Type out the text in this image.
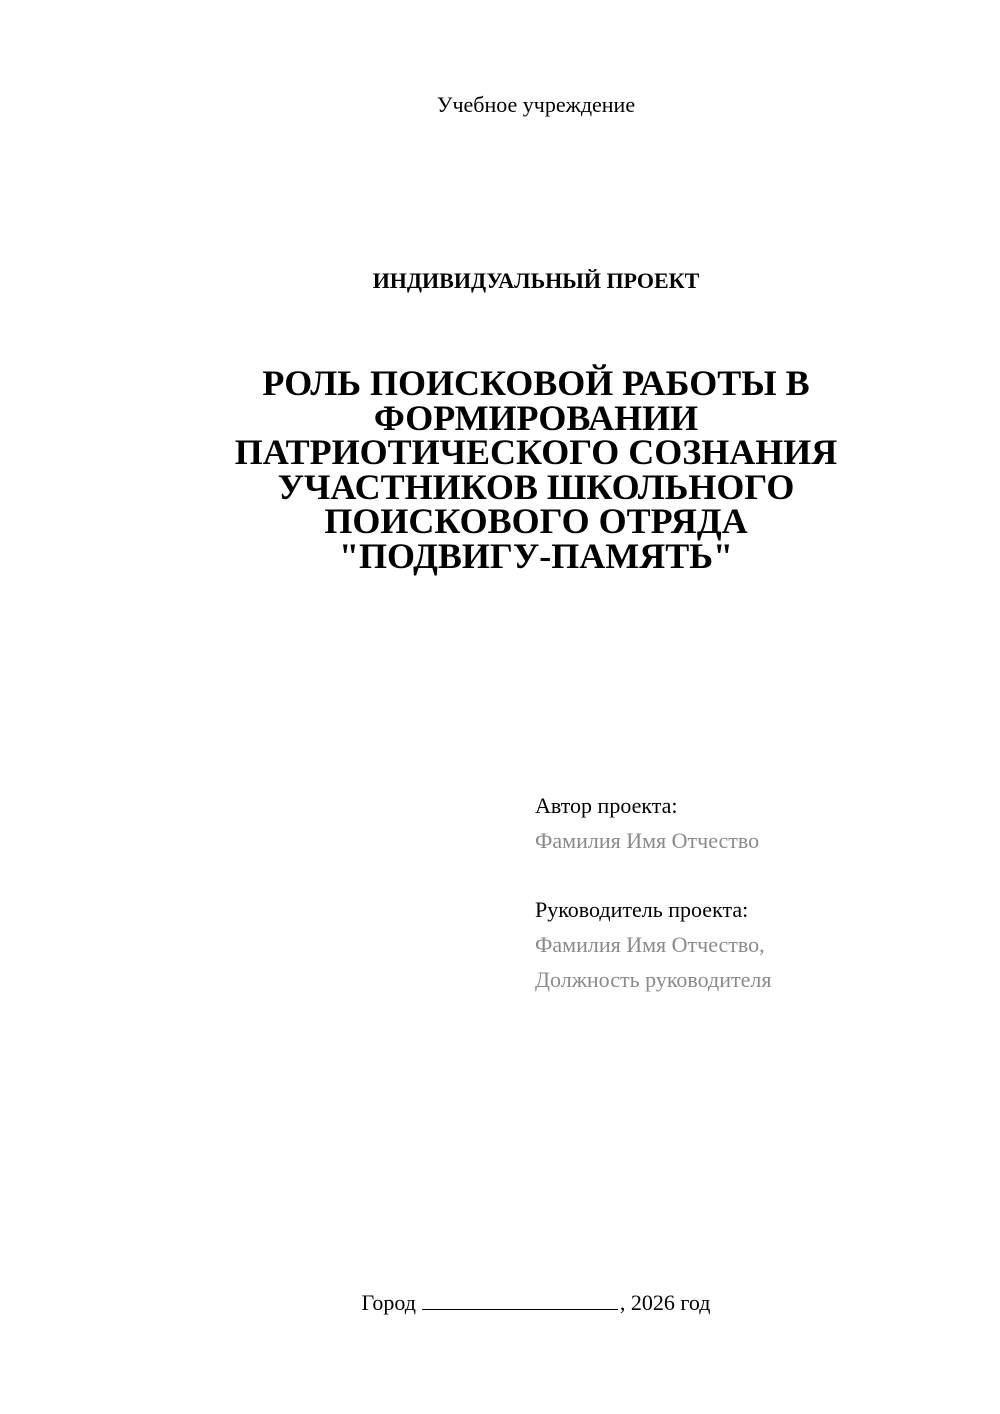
Учебное учреждение
ИНДИВИДУАЛЬНЫЙ ПРОЕКТ
РОЛЬ ПОИСКОВОЙ РАБОТЫ В
ФОРМИРОВАНИИ
ПАТРИОТИЧЕСКОГО СОЗНАНИЯ
УЧАСТНИКОВ ШКОЛЬНОГО
ПОИСКОВОГО ОТРЯДА
"ПОДВИГУ-ПАМЯТЬ"
Автор проекта:
Фамилия Имя Отчество
Руководитель проекта:
Фамилия Имя Отчество,
Должность руководителя
Город	, 2026 год
